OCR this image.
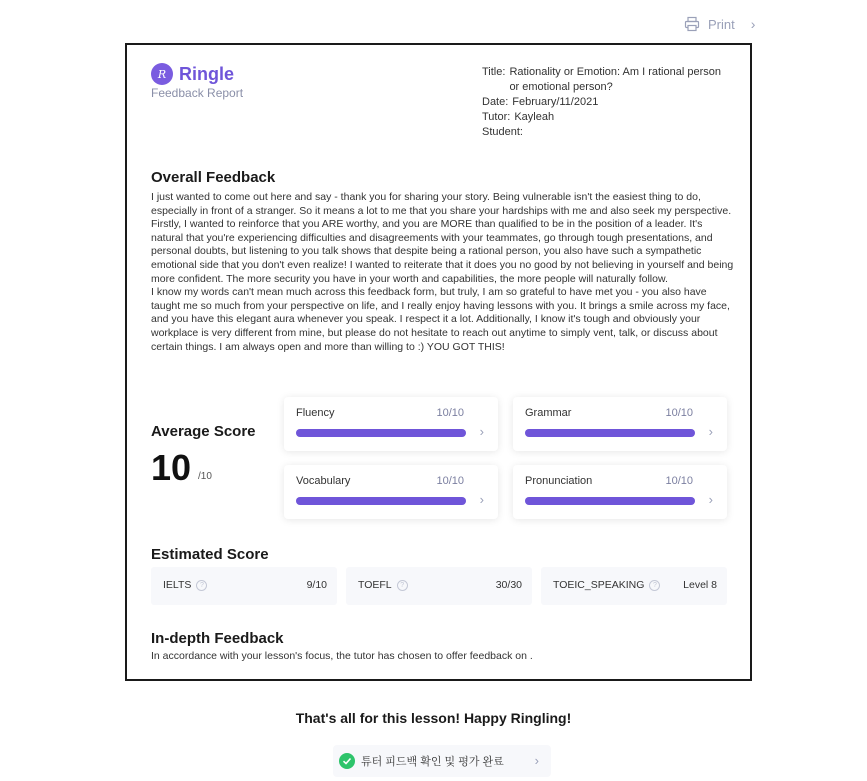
Print ›
R Ringle
Feedback Report
Title: Rationality or Emotion: Am I rational person or emotional person?
Date: February/11/2021
Tutor: Kayleah
Student:
Overall Feedback

I just wanted to come out here and say - thank you for sharing your story. Being vulnerable isn't the easiest thing to do, especially in front of a stranger. So it means a lot to me that you share your hardships with me and also seek my perspective. Firstly, I wanted to reinforce that you ARE worthy, and you are MORE than qualified to be in the position of a leader. It's natural that you're experiencing difficulties and disagreements with your teammates, go through tough presentations, and personal doubts, but listening to you talk shows that despite being a rational person, you also have such a sympathetic emotional side that you don't even realize! I wanted to reiterate that it does you no good by not believing in yourself and being more confident. The more security you have in your worth and capabilities, the more people will naturally follow.

I know my words can't mean much across this feedback form, but truly, I am so grateful to have met you - you also have taught me so much from your perspective on life, and I really enjoy having lessons with you. It brings a smile across my face, and you have this elegant aura whenever you speak. I respect it a lot. Additionally, I know it's tough and obviously your workplace is very different from mine, but please do not hesitate to reach out anytime to simply vent, talk, or discuss about certain things. I am always open and more than willing to :) YOU GOT THIS!

Average Score
10 /10
Fluency	10/10
›
Grammar	10/10
›
Vocabulary	10/10
›
Pronunciation	10/10
›
Estimated Score
IELTS	?	9/10	TOEFL	?	30/30	TOEIC_SPEAKING	?	Level 8
In-depth Feedback
In accordance with your lesson's focus, the tutor has chosen to offer feedback on .
That's all for this lesson! Happy Ringling!
튜터 피드백 확인 및 평가 완료 ›
